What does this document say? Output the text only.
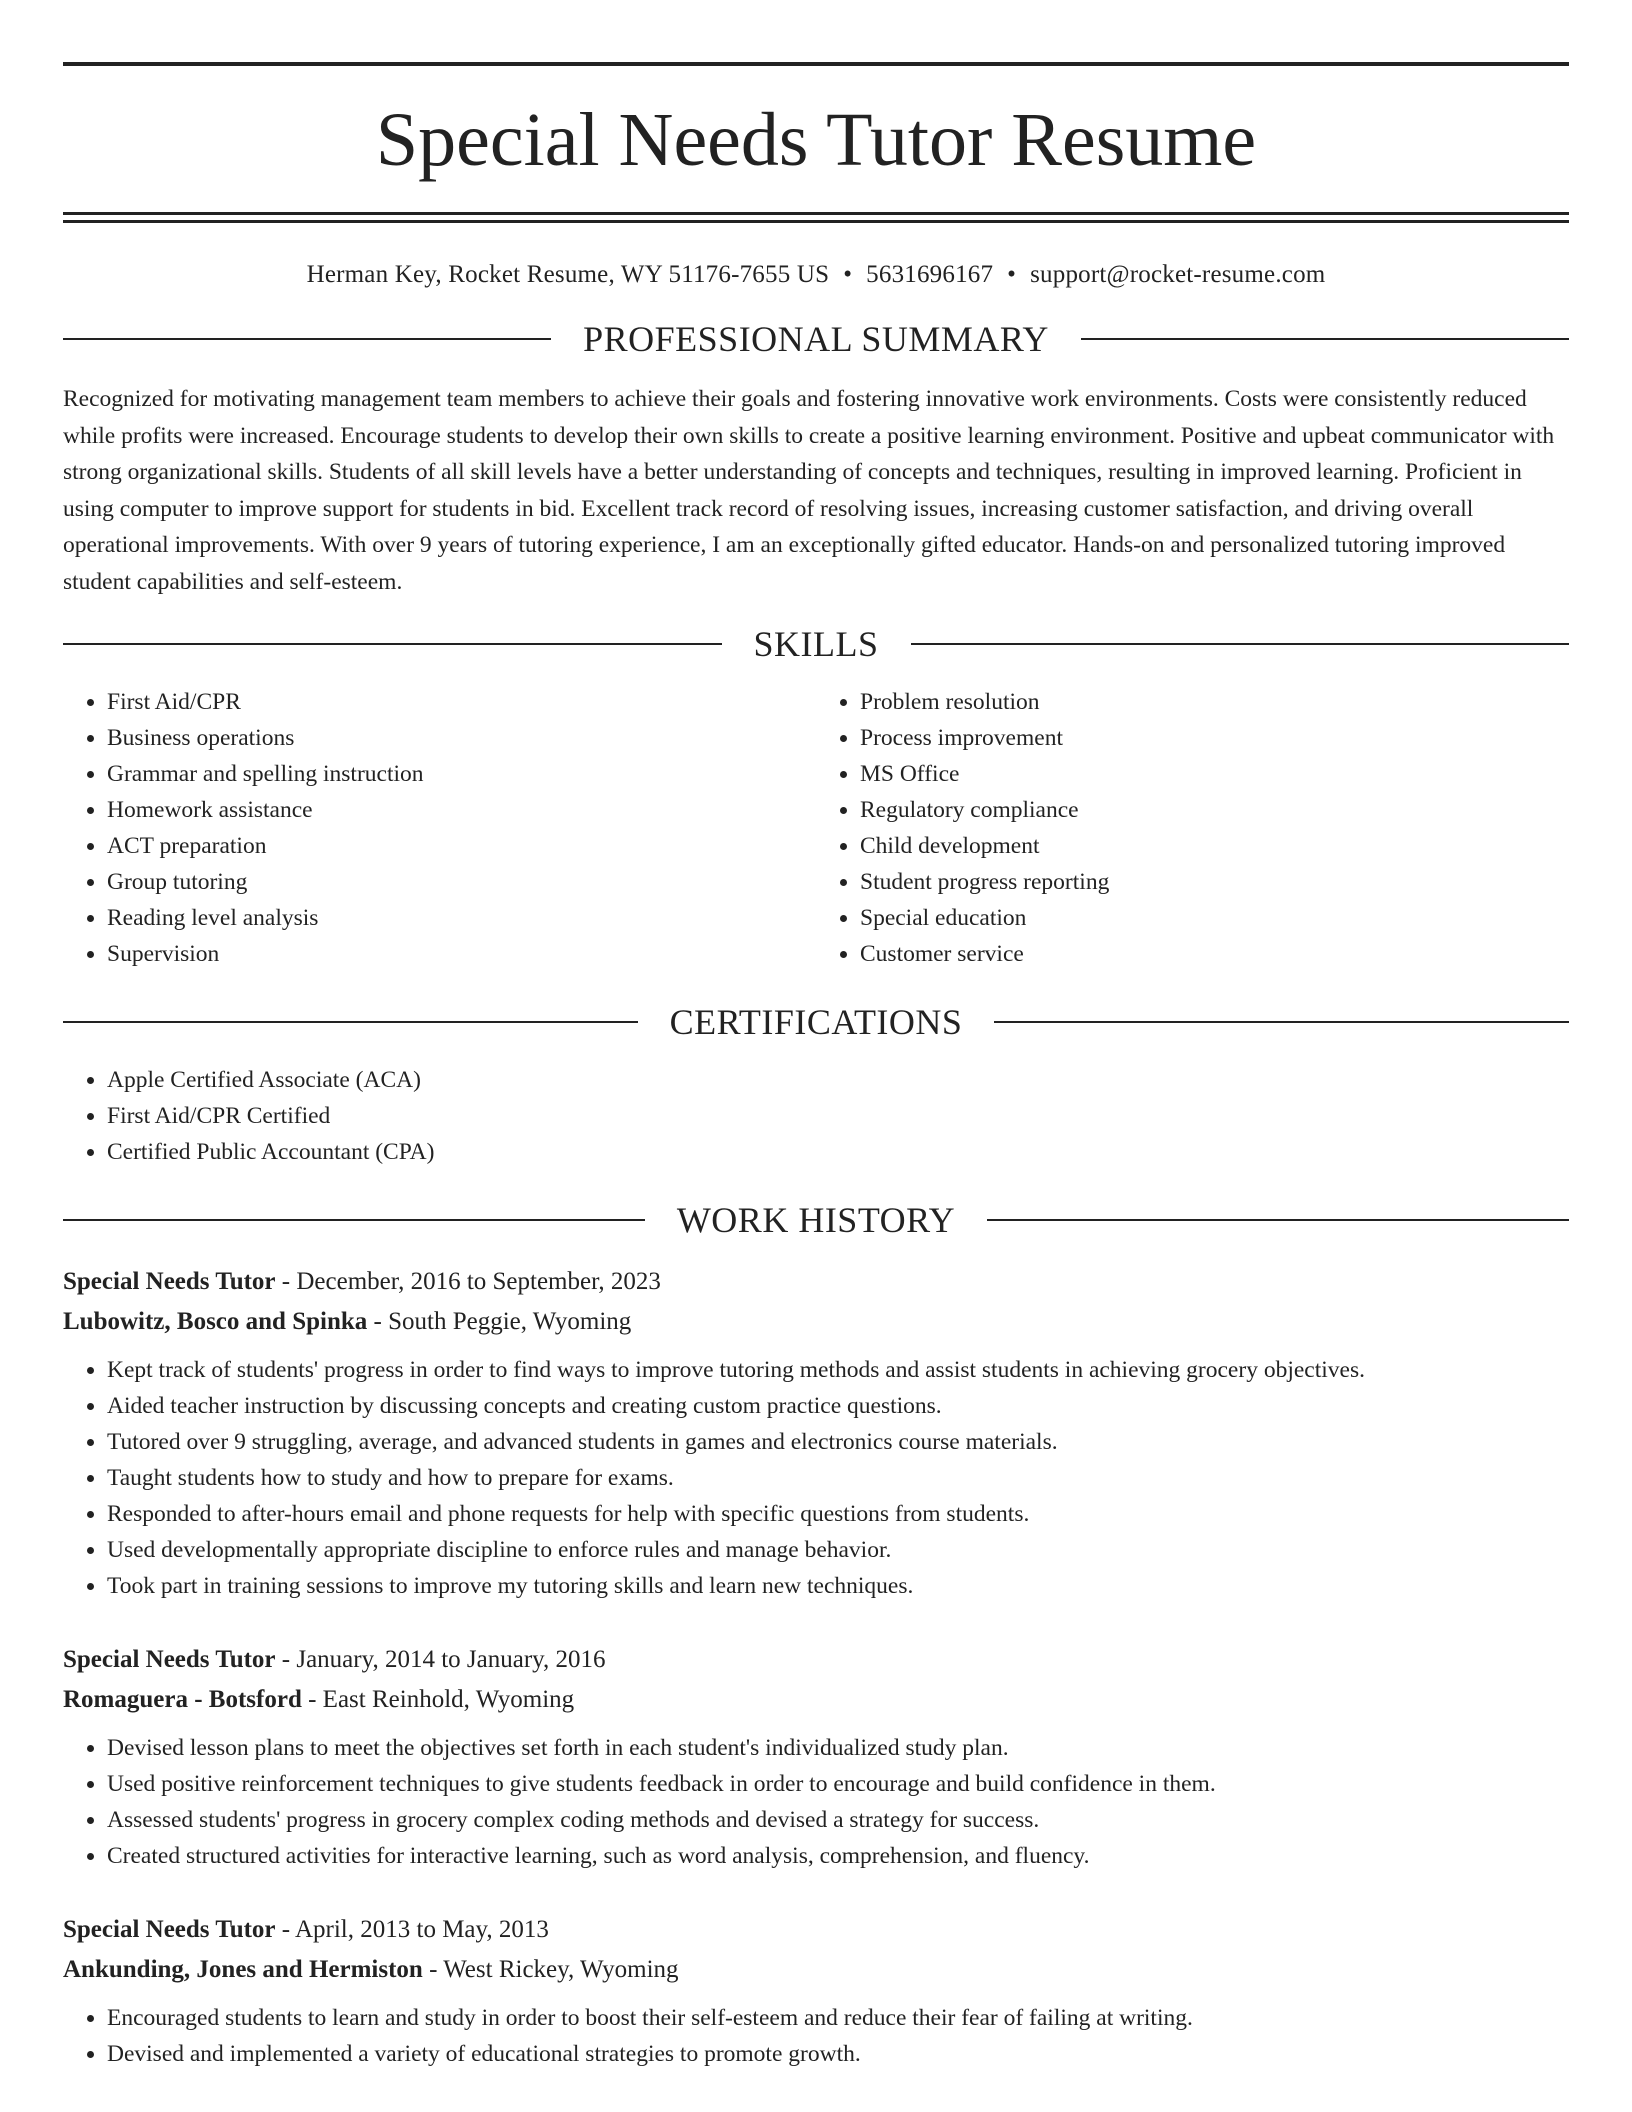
Special Needs Tutor Resume
Herman Key, Rocket Resume, WY 51176-7655 US • 5631696167 • support@rocket-resume.com
PROFESSIONAL SUMMARY

Recognized for motivating management team members to achieve their goals and fostering innovative work environments. Costs were consistently reduced while profits were increased. Encourage students to develop their own skills to create a positive learning environment. Positive and upbeat communicator with strong organizational skills. Students of all skill levels have a better understanding of concepts and techniques, resulting in improved learning. Proficient in using computer to improve support for students in bid. Excellent track record of resolving issues, increasing customer satisfaction, and driving overall operational improvements. With over 9 years of tutoring experience, I am an exceptionally gifted educator. Hands-on and personalized tutoring improved student capabilities and self-esteem.

SKILLS
• First Aid/CPR
• Business operations
• Grammar and spelling instruction
• Homework assistance
• ACT preparation
• Group tutoring
• Reading level analysis
• Supervision
• Problem resolution
• Process improvement
• MS Office
• Regulatory compliance
• Child development
• Student progress reporting
• Special education
• Customer service
CERTIFICATIONS
• Apple Certified Associate (ACA)
• First Aid/CPR Certified
• Certified Public Accountant (CPA)
WORK HISTORY
Special Needs Tutor - December, 2016 to September, 2023
Lubowitz, Bosco and Spinka - South Peggie, Wyoming
• Kept track of students' progress in order to find ways to improve tutoring methods and assist students in achieving grocery objectives.
• Aided teacher instruction by discussing concepts and creating custom practice questions.
• Tutored over 9 struggling, average, and advanced students in games and electronics course materials.
• Taught students how to study and how to prepare for exams.
• Responded to after-hours email and phone requests for help with specific questions from students.
• Used developmentally appropriate discipline to enforce rules and manage behavior.
• Took part in training sessions to improve my tutoring skills and learn new techniques.
Special Needs Tutor - January, 2014 to January, 2016
Romaguera - Botsford - East Reinhold, Wyoming
• Devised lesson plans to meet the objectives set forth in each student's individualized study plan.
• Used positive reinforcement techniques to give students feedback in order to encourage and build confidence in them.
• Assessed students' progress in grocery complex coding methods and devised a strategy for success.
• Created structured activities for interactive learning, such as word analysis, comprehension, and fluency.
Special Needs Tutor - April, 2013 to May, 2013
Ankunding, Jones and Hermiston - West Rickey, Wyoming
• Encouraged students to learn and study in order to boost their self-esteem and reduce their fear of failing at writing.
• Devised and implemented a variety of educational strategies to promote growth.
